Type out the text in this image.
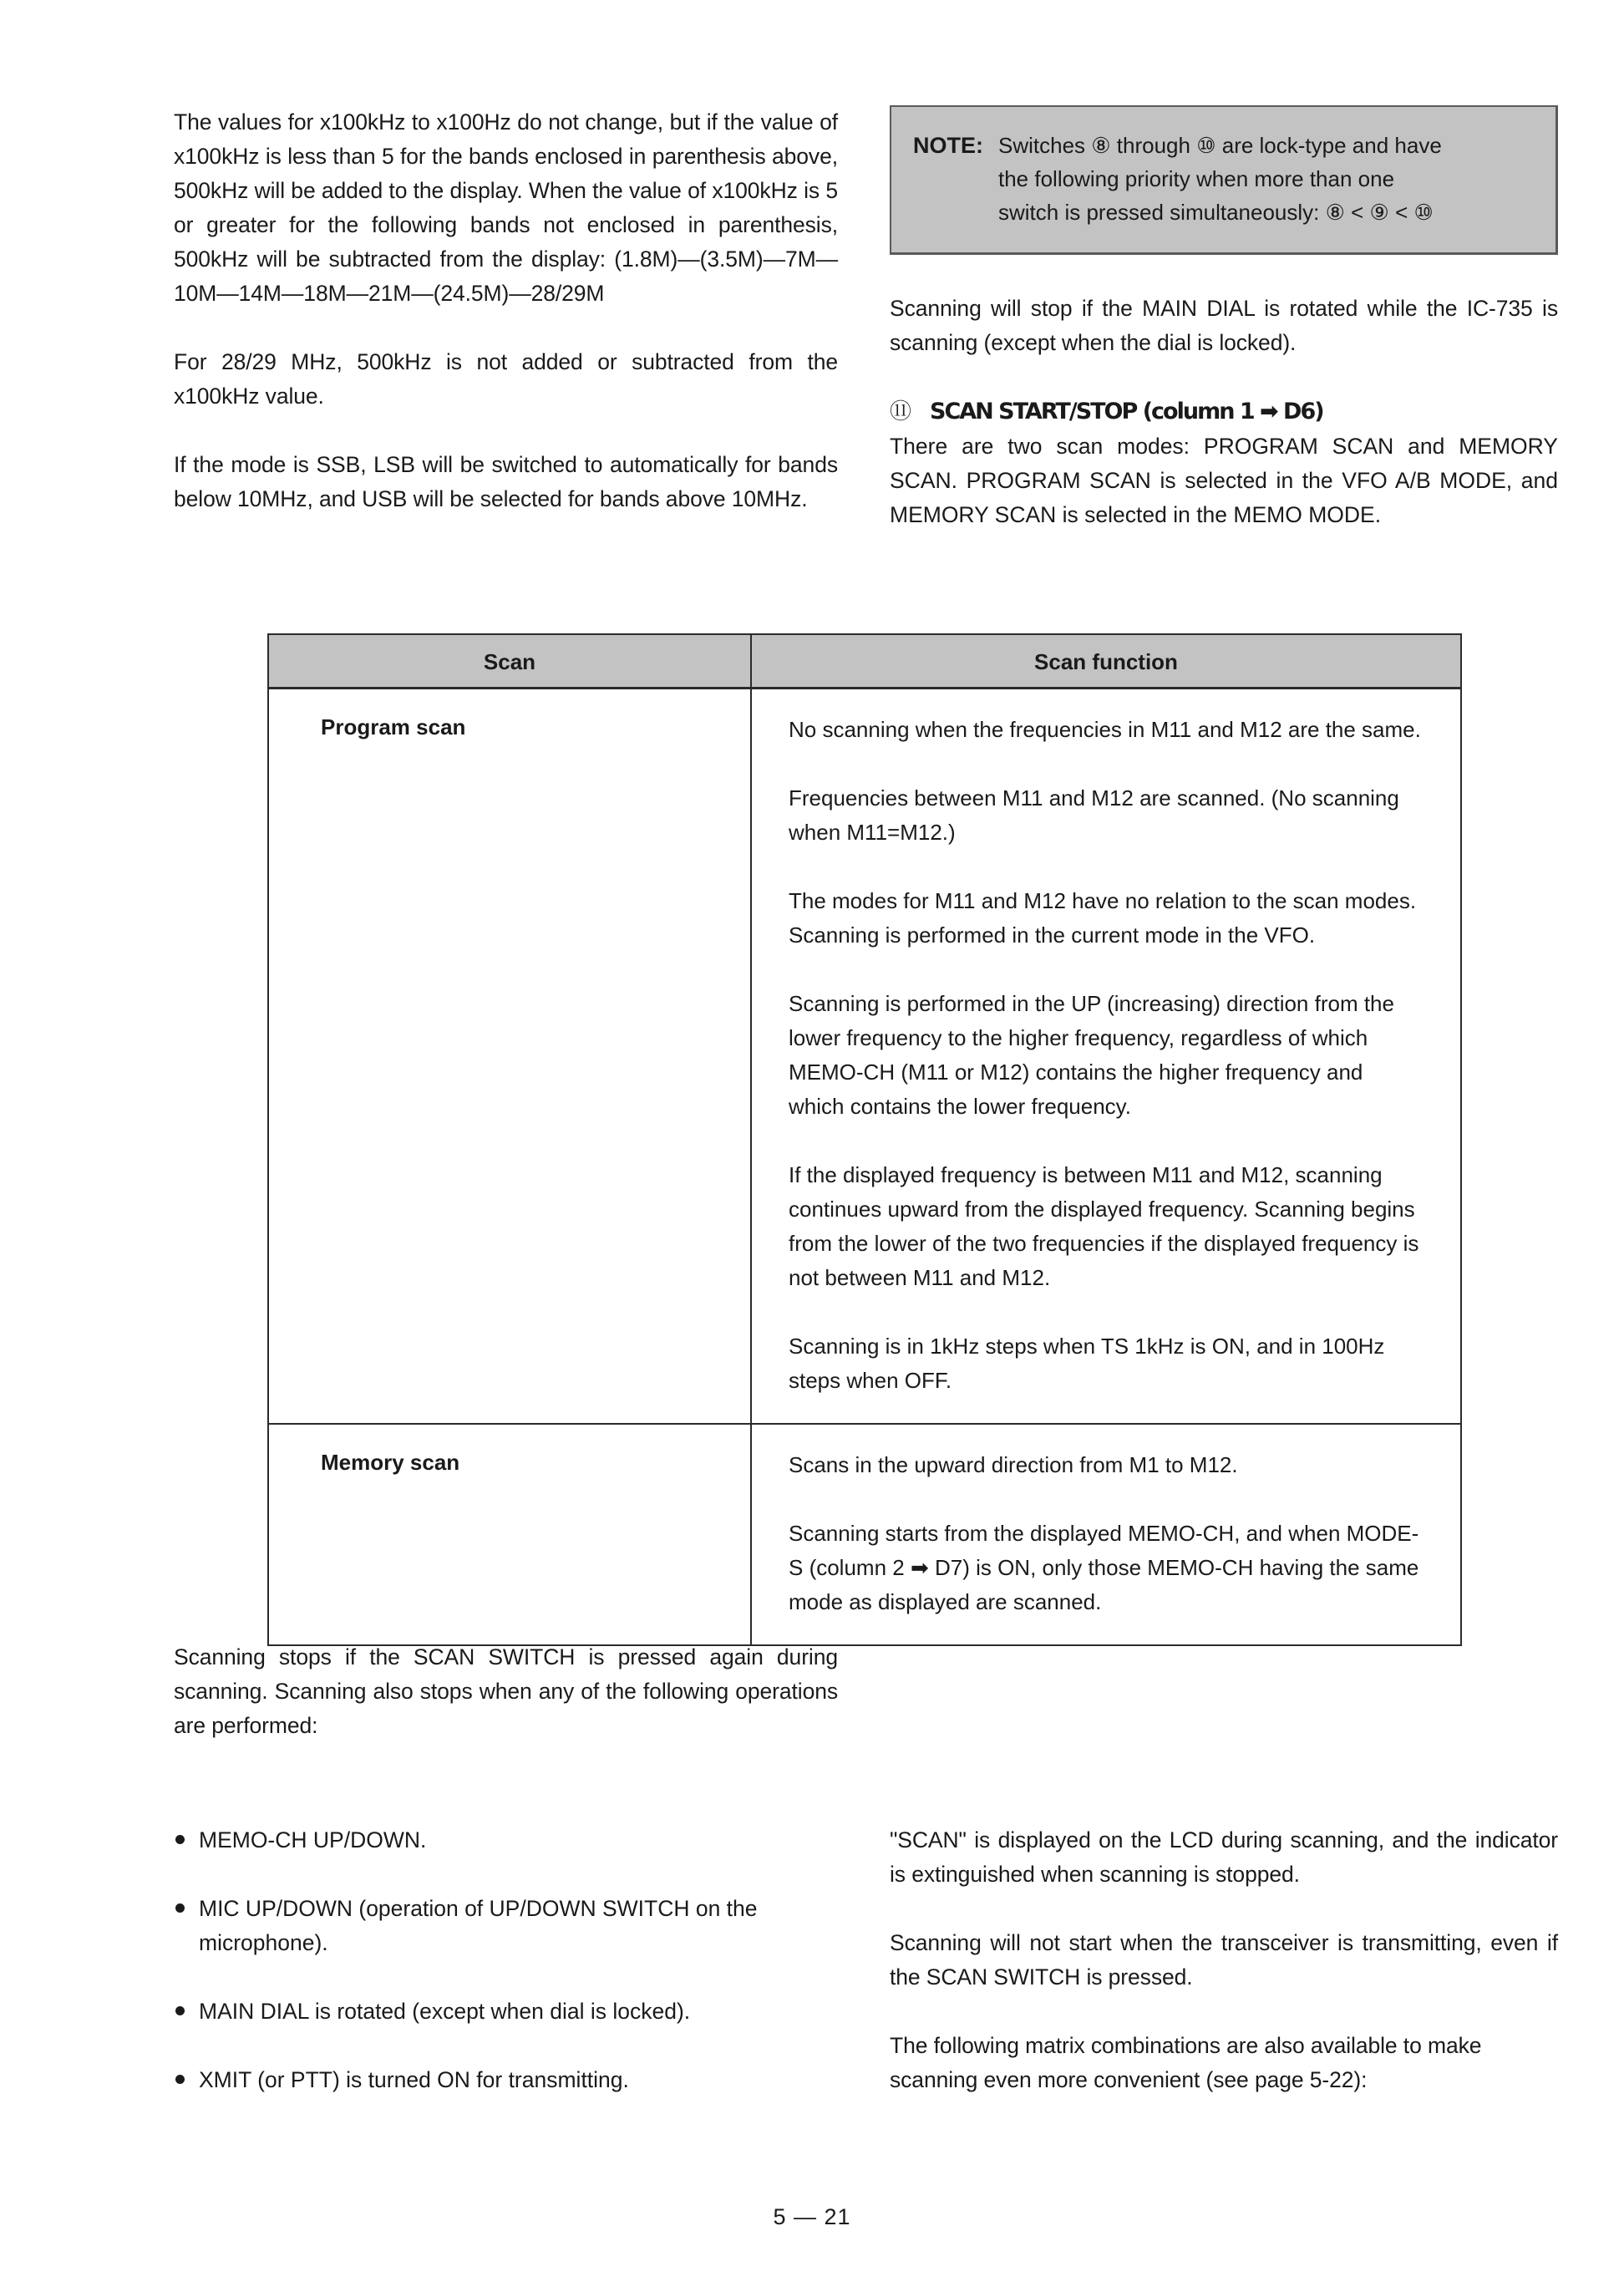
The values for x100kHz to x100Hz do not change, but if the value of x100kHz is less than 5 for the bands enclosed in parenthesis above, 500kHz will be added to the display. When the value of x100kHz is 5 or greater for the following bands not enclosed in parenthesis, 500kHz will be subtracted from the display: (1.8M)—(3.5M)—7M—10M—14M—18M—21M—(24.5M)—28/29M
For 28/29 MHz, 500kHz is not added or subtracted from the x100kHz value.
If the mode is SSB, LSB will be switched to automatically for bands below 10MHz, and USB will be selected for bands above 10MHz.
NOTE: Switches ⑧ through ⑩ are lock-type and have
the following priority when more than one
switch is pressed simultaneously: ⑧ < ⑨ < ⑩
Scanning will stop if the MAIN DIAL is rotated while the IC-735 is scanning (except when the dial is locked).
⑪ SCAN START/STOP (column 1 ➡ D6)
There are two scan modes: PROGRAM SCAN and MEMORY SCAN. PROGRAM SCAN is selected in the VFO A/B MODE, and MEMORY SCAN is selected in the MEMO MODE.
Scan	Scan function
Program scan	No scanning when the frequencies in M11 and M12 are the same.

Frequencies between M11 and M12 are scanned. (No scanning when M11=M12.)

The modes for M11 and M12 have no relation to the scan modes. Scanning is performed in the current mode in the VFO.

Scanning is performed in the UP (increasing) direction from the lower frequency to the higher frequency, regardless of which MEMO-CH (M11 or M12) contains the higher frequency and which contains the lower frequency.

If the displayed frequency is between M11 and M12, scanning continues upward from the displayed frequency. Scanning begins from the lower of the two frequencies if the displayed frequency is not between M11 and M12.

Scanning is in 1kHz steps when TS 1kHz is ON, and in 100Hz steps when OFF.

Memory scan	Scans in the upward direction from M1 to M12.

Scanning starts from the displayed MEMO-CH, and when MODE-S (column 2 ➡ D7) is ON, only those MEMO-CH having the same mode as displayed are scanned.

Scanning stops if the SCAN SWITCH is pressed again during scanning. Scanning also stops when any of the following operations are performed:
MEMO-CH UP/DOWN.
MIC UP/DOWN (operation of UP/DOWN SWITCH on the microphone).
MAIN DIAL is rotated (except when dial is locked).
XMIT (or PTT) is turned ON for transmitting.
"SCAN" is displayed on the LCD during scanning, and the indicator is extinguished when scanning is stopped.
Scanning will not start when the transceiver is transmitting, even if the SCAN SWITCH is pressed.
The following matrix combinations are also available to make scanning even more convenient (see page 5-22):
5 — 21
